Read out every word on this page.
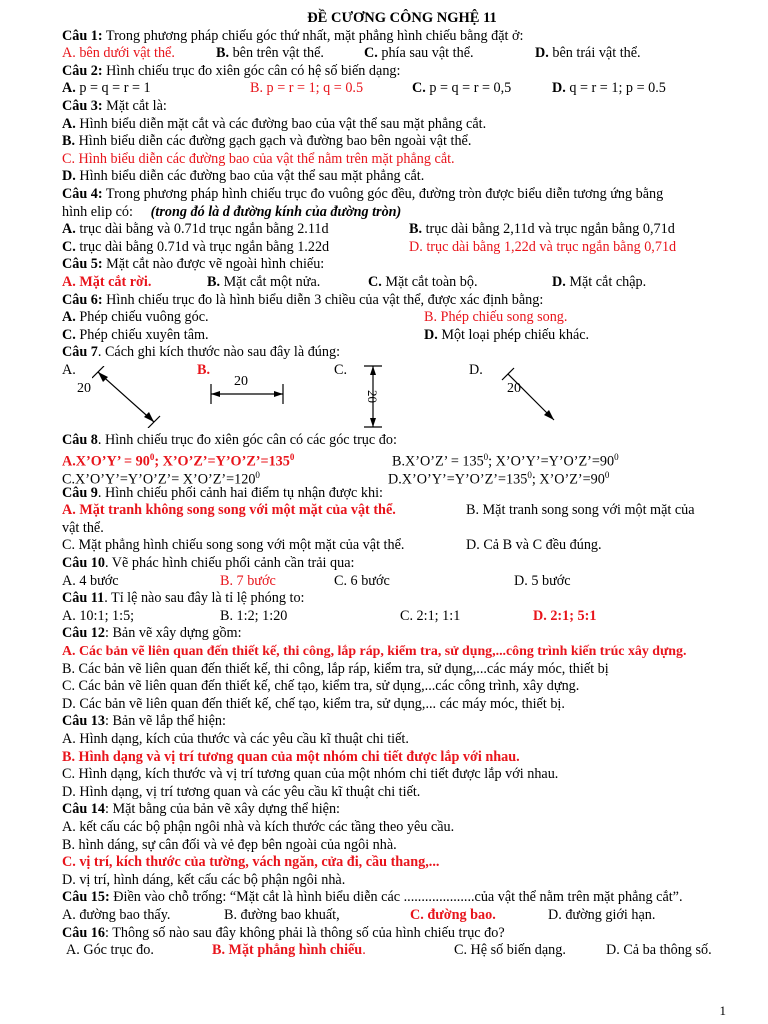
ĐỀ CƯƠNG CÔNG NGHỆ 11
Câu 1: Trong phương pháp chiếu góc thứ nhất, mặt phẳng hình chiếu bằng đặt ở:
A. bên dưới vật thể.	B. bên trên vật thể.	C. phía sau vật thể.	D. bên trái vật thể.
Câu 2: Hình chiếu trục đo xiên góc cân có hệ số biến dạng:
A. p = q = r = 1	B. p = r = 1; q = 0.5	C. p = q = r = 0,5	D. q = r = 1; p = 0.5
Câu 3: Mặt cắt là:
A. Hình biểu diễn mặt cắt và các đường bao của vật thể sau mặt phẳng cắt.
B. Hình biểu diễn các đường gạch gạch và đường bao bên ngoài vật thể.
C. Hình biểu diễn các đường bao của vật thể nằm trên mặt phẳng cắt.
D. Hình biểu diễn các đường bao của vật thể sau mặt phẳng cắt.
Câu 4: Trong phương pháp hình chiếu trục đo vuông góc đều, đường tròn được biểu diễn tương ứng bằng
hình elip có:     (trong đó là d đường kính của đường tròn)
A. trục dài bằng và 0.71d trục ngắn bằng 2.11d	B. trục dài bằng 2,11d và trục ngắn bằng 0,71d
C. trục dài bằng 0.71d và trục ngắn bằng 1.22d	D. trục dài bằng 1,22d và trục ngắn bằng 0,71d
Câu 5: Mặt cắt nào được vẽ ngoài hình chiếu:
A. Mặt cắt rời.	B. Mặt cắt một nửa.	C. Mặt cắt toàn bộ.	D. Mặt cắt chập.
Câu 6: Hình chiếu trục đo là hình biểu diễn 3 chiều của vật thể, được xác định bằng:
A. Phép chiếu vuông góc.	B. Phép chiếu song song.
C. Phép chiếu xuyên tâm.	D. Một loại phép chiếu khác.
Câu 7. Cách ghi kích thước nào sau đây là đúng:
A.
20
B.
20
C.
20
D.
20
Câu 8. Hình chiếu trục đo xiên góc cân có các góc trục đo:
A.X’O’Y’ = $90^0$; $X’O’Z’=Y’O’Z’=135^0$	B.X’O’Z’ = $135^0$; $X’O’Y’=Y’O’Z’=90^0$
C.X’O’Y’=Y’O’Z’= $X’O’Z’=120^0$	$D.X’O’Y’=Y’O’Z’=135^0$; $X’O’Z’=90^0$
Câu 9. Hình chiếu phối cảnh hai điểm tụ nhận được khi:
A. Mặt tranh không song song với một mặt của vật thể.	B. Mặt tranh song song với một mặt của
vật thể.
C. Mặt phẳng hình chiếu song song với một mặt của vật thể.	D. Cả B và C đều đúng.
Câu 10. Vẽ phác hình chiếu phối cảnh cần trải qua:
A. 4 bước	B. 7 bước	C. 6 bước	D. 5 bước
Câu 11. Tỉ lệ nào sau đây là tỉ lệ phóng to:
A. 10:1; 1:5;	B. 1:2; 1:20	C. 2:1; 1:1	D. 2:1; 5:1
Câu 12: Bản vẽ xây dựng gồm:
A. Các bản vẽ liên quan đến thiết kế, thi công, lắp ráp, kiểm tra, sử dụng,...công trình kiến trúc xây dựng.
B. Các bản vẽ liên quan đến thiết kế, thi công, lắp ráp, kiểm tra, sử dụng,...các máy móc, thiết bị
C. Các bản vẽ liên quan đến thiết kế, chế tạo, kiểm tra, sử dụng,...các công trình, xây dựng.
D. Các bản vẽ liên quan đến thiết kế, chế tạo, kiểm tra, sử dụng,... các máy móc, thiết bị.
Câu 13: Bản vẽ lắp thể hiện:
A. Hình dạng, kích của thước và các yêu cầu kĩ thuật chi tiết.
B. Hình dạng và vị trí tương quan của một nhóm chi tiết được lắp với nhau.
C. Hình dạng, kích thước và vị trí tương quan của một nhóm chi tiết được lắp với nhau.
D. Hình dạng, vị trí tương quan và các yêu cầu kĩ thuật chi tiết.
Câu 14: Mặt bằng của bản vẽ xây dựng thể hiện:
A. kết cấu các bộ phận ngôi nhà và kích thước các tầng theo yêu cầu.
B. hình dáng, sự cân đối và vẻ đẹp bên ngoài của ngôi nhà.
C. vị trí, kích thước của tường, vách ngăn, cửa đi, cầu thang,...
D. vị trí, hình dáng, kết cấu các bộ phận ngôi nhà.
Câu 15: Điền vào chỗ trống: “Mặt cắt là hình biểu diễn các ....................của vật thể nằm trên mặt phẳng cắt”.
A. đường bao thấy.	B. đường bao khuất,	C. đường bao.	D. đường giới hạn.
Câu 16: Thông số nào sau đây không phải là thông số của hình chiếu trục đo?
A. Góc trục đo.	B. Mặt phẳng hình chiếu.	C. Hệ số biến dạng.	D. Cả ba thông số.
1
